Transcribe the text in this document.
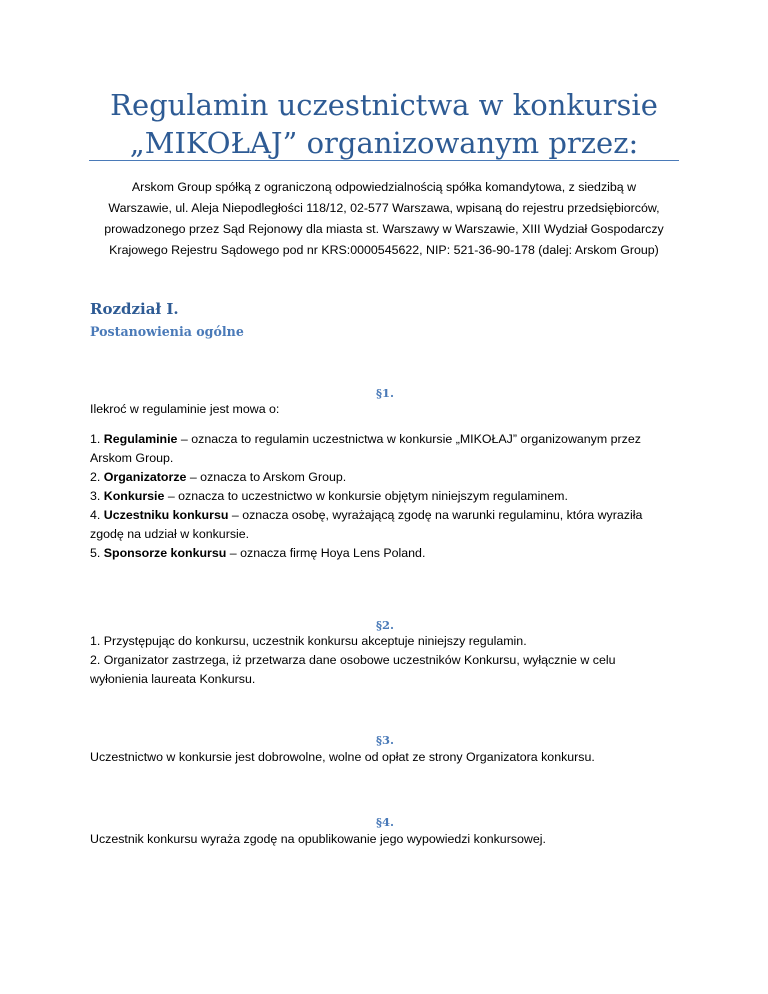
Regulamin uczestnictwa w konkursie
„MIKOŁAJ” organizowanym przez:
Arskom Group spółką z ograniczoną odpowiedzialnością spółka komandytowa, z siedzibą w
Warszawie, ul. Aleja Niepodległości 118/12, 02-577 Warszawa, wpisaną do rejestru przedsiębiorców,
prowadzonego przez Sąd Rejonowy dla miasta st. Warszawy w Warszawie, XIII Wydział Gospodarczy
Krajowego Rejestru Sądowego pod nr KRS:0000545622, NIP: 521-36-90-178 (dalej: Arskom Group)
Rozdział I.
Postanowienia ogólne
§1.
Ilekroć w regulaminie jest mowa o:
1. Regulaminie – oznacza to regulamin uczestnictwa w konkursie „MIKOŁAJ” organizowanym przez
Arskom Group.
2. Organizatorze – oznacza to Arskom Group.
3. Konkursie – oznacza to uczestnictwo w konkursie objętym niniejszym regulaminem.
4. Uczestniku konkursu – oznacza osobę, wyrażającą zgodę na warunki regulaminu, która wyraziła
zgodę na udział w konkursie.
5. Sponsorze konkursu – oznacza firmę Hoya Lens Poland.
§2.
1. Przystępując do konkursu, uczestnik konkursu akceptuje niniejszy regulamin.
2. Organizator zastrzega, iż przetwarza dane osobowe uczestników Konkursu, wyłącznie w celu
wyłonienia laureata Konkursu.
§3.
Uczestnictwo w konkursie jest dobrowolne, wolne od opłat ze strony Organizatora konkursu.
§4.
Uczestnik konkursu wyraża zgodę na opublikowanie jego wypowiedzi konkursowej.
